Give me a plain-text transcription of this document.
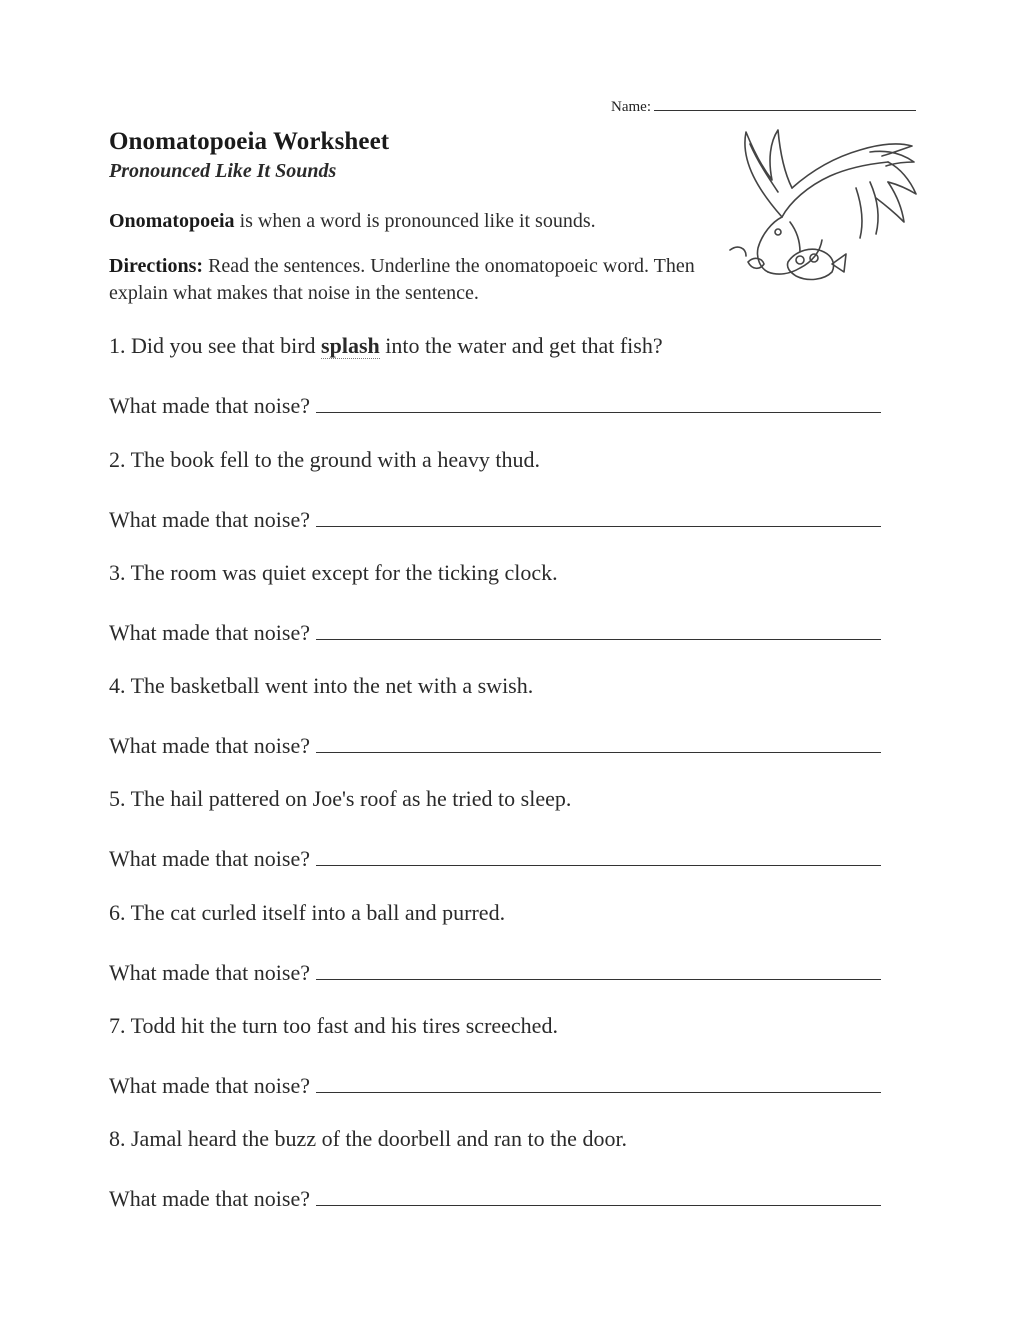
Name:
Onomatopoeia Worksheet
Pronounced Like It Sounds

Onomatopoeia is when a word is pronounced like it sounds.

Directions: Read the sentences. Underline the onomatopoeic word. Then explain what makes that noise in the sentence.

1. Did you see that bird splash into the water and get that fish?

What made that noise?

2. The book fell to the ground with a heavy thud.

What made that noise?

3. The room was quiet except for the ticking clock.

What made that noise?

4. The basketball went into the net with a swish.

What made that noise?

5. The hail pattered on Joe's roof as he tried to sleep.

What made that noise?

6. The cat curled itself into a ball and purred.

What made that noise?

7. Todd hit the turn too fast and his tires screeched.

What made that noise?

8. Jamal heard the buzz of the doorbell and ran to the door.

What made that noise?
